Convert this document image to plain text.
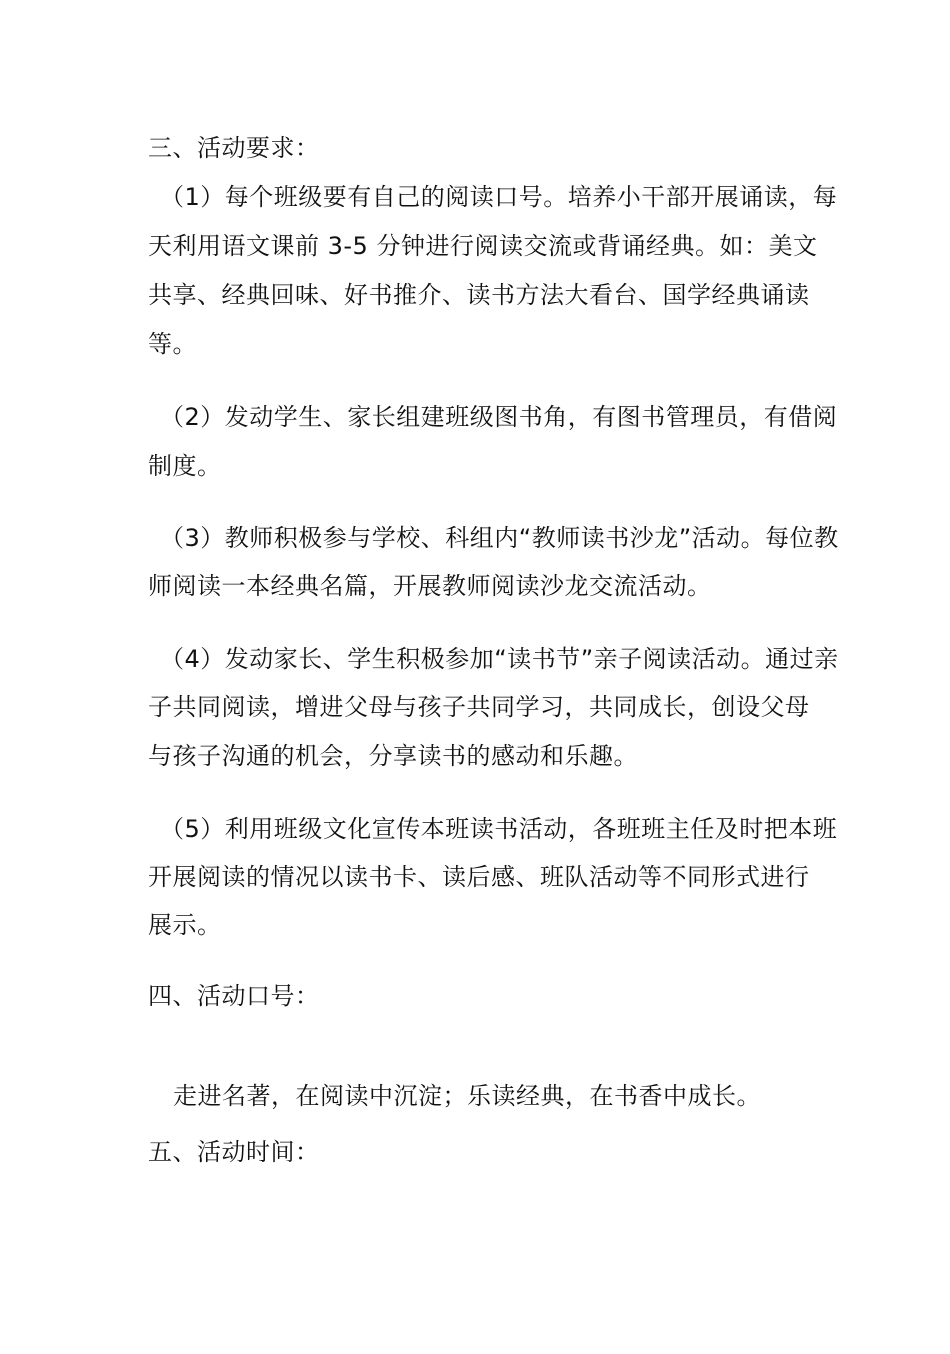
三、活动要求：
（1）每个班级要有自己的阅读口号。培养小干部开展诵读，每
天利用语文课前 3-5 分钟进行阅读交流或背诵经典。如：美文
共享、经典回味、好书推介、读书方法大看台、国学经典诵读
等。
（2）发动学生、家长组建班级图书角，有图书管理员，有借阅
制度。
（3）教师积极参与学校、科组内“教师读书沙龙”活动。每位教
师阅读一本经典名篇，开展教师阅读沙龙交流活动。
（4）发动家长、学生积极参加“读书节”亲子阅读活动。通过亲
子共同阅读，增进父母与孩子共同学习，共同成长，创设父母
与孩子沟通的机会，分享读书的感动和乐趣。
（5）利用班级文化宣传本班读书活动，各班班主任及时把本班
开展阅读的情况以读书卡、读后感、班队活动等不同形式进行
展示。
四、活动口号：
走进名著，在阅读中沉淀；乐读经典，在书香中成长。
五、活动时间：
